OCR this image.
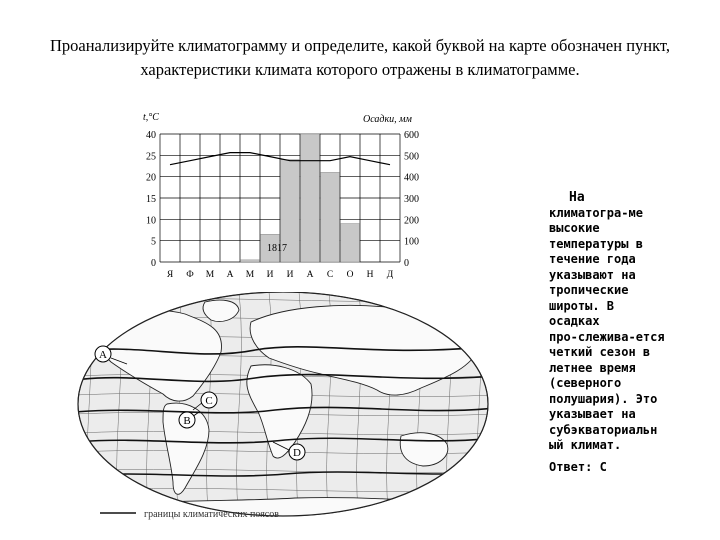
Проанализируйте климатограмму и определите, какой буквой на карте обозначен пункт, характеристики климата которого отражены в климатограмме.
40	600
25	500
20	400
15	300
10	200
5	100
0	0
Я Ф М А М И И А С О Н Д
t,°C	Осадки, мм
1817
На
климатогра-ме
высокие
температуры в
течение года
указывают на
тропические
широты. В
осадках
про-слежива-ется
четкий сезон в
летнее время
(северного
полушария). Это
указывает на
субэкваториальн
ый климат.
Ответ: C
A
B
C
D
границы климатических поясов
